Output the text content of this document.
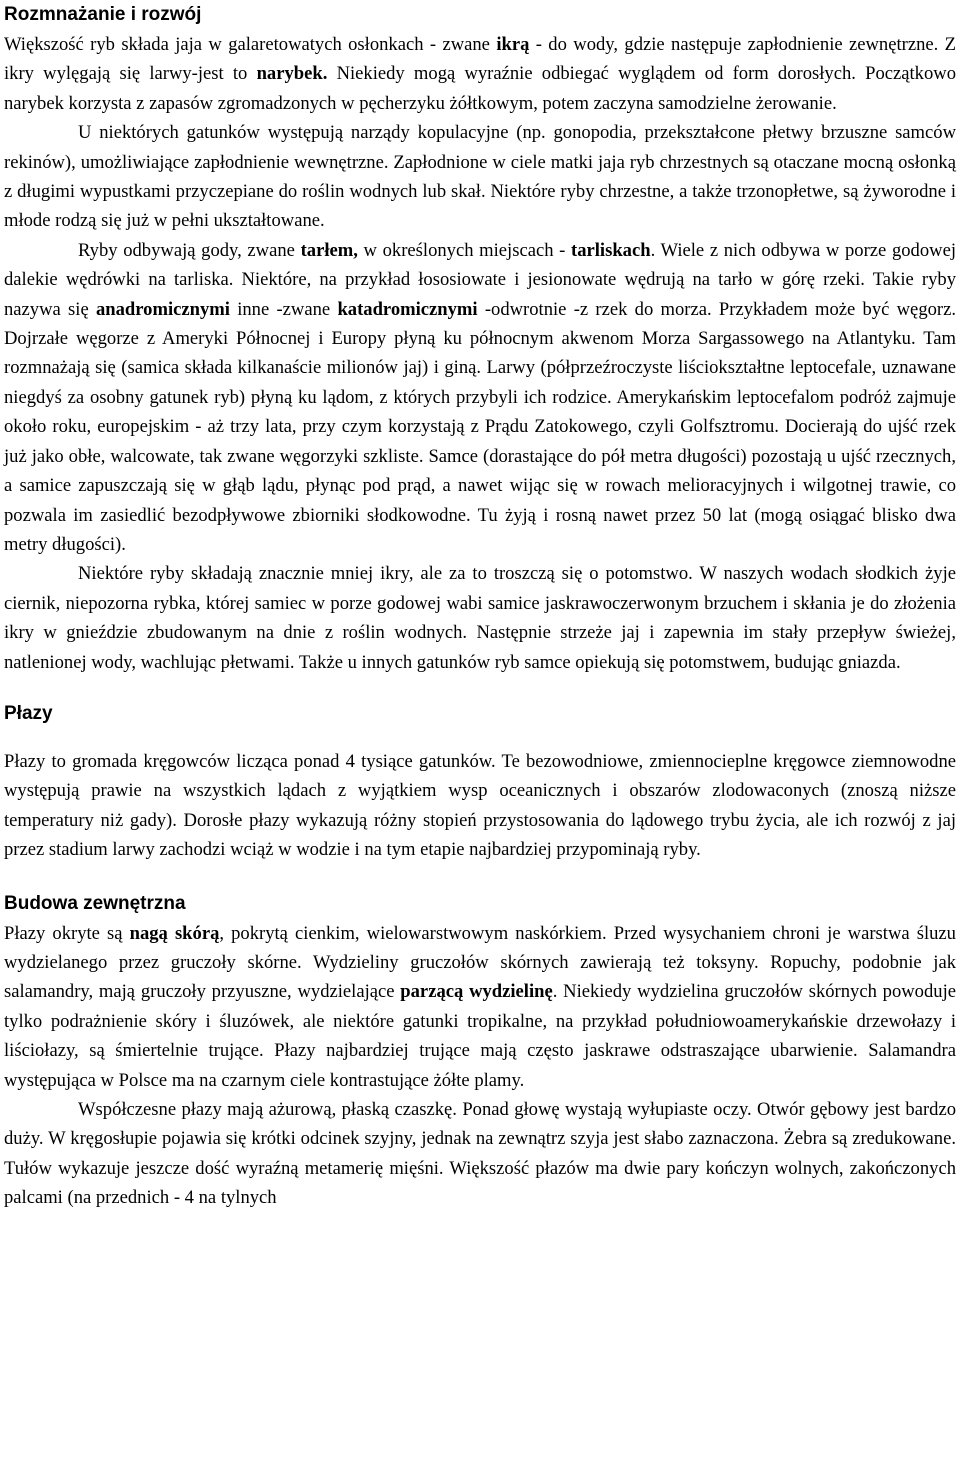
Rozmnażanie i rozwój

Większość ryb składa jaja w galaretowatych osłonkach - zwane ikrą - do wody, gdzie następuje zapłodnienie zewnętrzne. Z ikry wylęgają się larwy-jest to narybek. Niekiedy mogą wyraźnie odbiegać wyglądem od form dorosłych. Początkowo narybek korzysta z zapasów zgromadzonych w pęcherzyku żółtkowym, potem zaczyna samodzielne żerowanie.

U niektórych gatunków występują narządy kopulacyjne (np. gonopodia, przekształcone płetwy brzuszne samców rekinów), umożliwiające zapłodnienie wewnętrzne. Zapłodnione w ciele matki jaja ryb chrzestnych są otaczane mocną osłonką z długimi wypustkami przyczepiane do roślin wodnych lub skał. Niektóre ryby chrzestne, a także trzonopłetwe, są żyworodne i młode rodzą się już w pełni ukształtowane.

Ryby odbywają gody, zwane tarłem, w określonych miejscach - tarliskach. Wiele z nich odbywa w porze godowej dalekie wędrówki na tarliska. Niektóre, na przykład łososiowate i jesionowate wędrują na tarło w górę rzeki. Takie ryby nazywa się anadromicznymi inne -zwane katadromicznymi -odwrotnie -z rzek do morza. Przykładem może być węgorz. Dojrzałe węgorze z Ameryki Północnej i Europy płyną ku północnym akwenom Morza Sargassowego na Atlantyku. Tam rozmnażają się (samica składa kilkanaście milionów jaj) i giną. Larwy (półprzeźroczyste liściokształtne leptocefale, uznawane niegdyś za osobny gatunek ryb) płyną ku lądom, z których przybyli ich rodzice. Amerykańskim leptocefalom podróż zajmuje około roku, europejskim - aż trzy lata, przy czym korzystają z Prądu Zatokowego, czyli Golfsztromu. Docierają do ujść rzek już jako obłe, walcowate, tak zwane węgorzyki szkliste. Samce (dorastające do pół metra długości) pozostają u ujść rzecznych, a samice zapuszczają się w głąb lądu, płynąc pod prąd, a nawet wijąc się w rowach melioracyjnych i wilgotnej trawie, co pozwala im zasiedlić bezodpływowe zbiorniki słodkowodne. Tu żyją i rosną nawet przez 50 lat (mogą osiągać blisko dwa metry długości).

Niektóre ryby składają znacznie mniej ikry, ale za to troszczą się o potomstwo. W naszych wodach słodkich żyje ciernik, niepozorna rybka, której samiec w porze godowej wabi samice jaskrawoczerwonym brzuchem i skłania je do złożenia ikry w gnieździe zbudowanym na dnie z roślin wodnych. Następnie strzeże jaj i zapewnia im stały przepływ świeżej, natlenionej wody, wachlując płetwami. Także u innych gatunków ryb samce opiekują się potomstwem, budując gniazda.

Płazy

Płazy to gromada kręgowców licząca ponad 4 tysiące gatunków. Te bezowodniowe, zmiennocieplne kręgowce ziemnowodne występują prawie na wszystkich lądach z wyjątkiem wysp oceanicznych i obszarów zlodowaconych (znoszą niższe temperatury niż gady). Dorosłe płazy wykazują różny stopień przystosowania do lądowego trybu życia, ale ich rozwój z jaj przez stadium larwy zachodzi wciąż w wodzie i na tym etapie najbardziej przypominają ryby.

Budowa zewnętrzna

Płazy okryte są nagą skórą, pokrytą cienkim, wielowarstwowym naskórkiem. Przed wysychaniem chroni je warstwa śluzu wydzielanego przez gruczoły skórne. Wydzieliny gruczołów skórnych zawierają też toksyny. Ropuchy, podobnie jak salamandry, mają gruczoły przyuszne, wydzielające parzącą wydzielinę. Niekiedy wydzielina gruczołów skórnych powoduje tylko podrażnienie skóry i śluzówek, ale niektóre gatunki tropikalne, na przykład południowoamerykańskie drzewołazy i liściołazy, są śmiertelnie trujące. Płazy najbardziej trujące mają często jaskrawe odstraszające ubarwienie. Salamandra występująca w Polsce ma na czarnym ciele kontrastujące żółte plamy.

Współczesne płazy mają ażurową, płaską czaszkę. Ponad głowę wystają wyłupiaste oczy. Otwór gębowy jest bardzo duży. W kręgosłupie pojawia się krótki odcinek szyjny, jednak na zewnątrz szyja jest słabo zaznaczona. Żebra są zredukowane. Tułów wykazuje jeszcze dość wyraźną metamerię mięśni. Większość płazów ma dwie pary kończyn wolnych, zakończonych palcami (na przednich - 4 na tylnych
